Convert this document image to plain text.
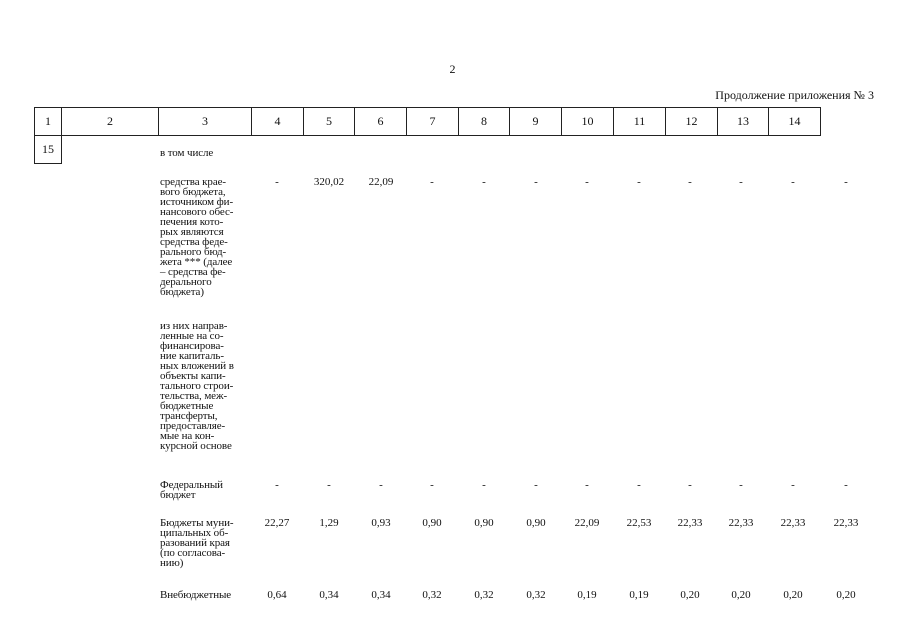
2
Продолжение приложения № 3
1	2	3	4	5	6	7	8	9	10	11	12	13	14
15	в том числе
средства крае-
вого бюджета,
источником фи-
нансового обес-
печения кото-
рых являются
средства феде-
рального бюд-
жета *** (далее
– средства фе-
дерального
бюджета)
-	320,02	22,09	-	-	-	-	-	-	-	-	-
из них направ-
ленные на со-
финансирова-
ние капиталь-
ных вложений в
объекты капи-
тального строи-
тельства, меж-
бюджетные
трансферты,
предоставляе-
мые на кон-
курсной основе
Федеральный
бюджет
-	-	-	-	-	-	-	-	-	-	-	-
Бюджеты муни-
ципальных об-
разований края
(по согласова-
нию)
22,27	1,29	0,93	0,90	0,90	0,90	22,09	22,53	22,33	22,33	22,33	22,33
Внебюджетные	0,64	0,34	0,34	0,32	0,32	0,32	0,19	0,19	0,20	0,20	0,20	0,20
